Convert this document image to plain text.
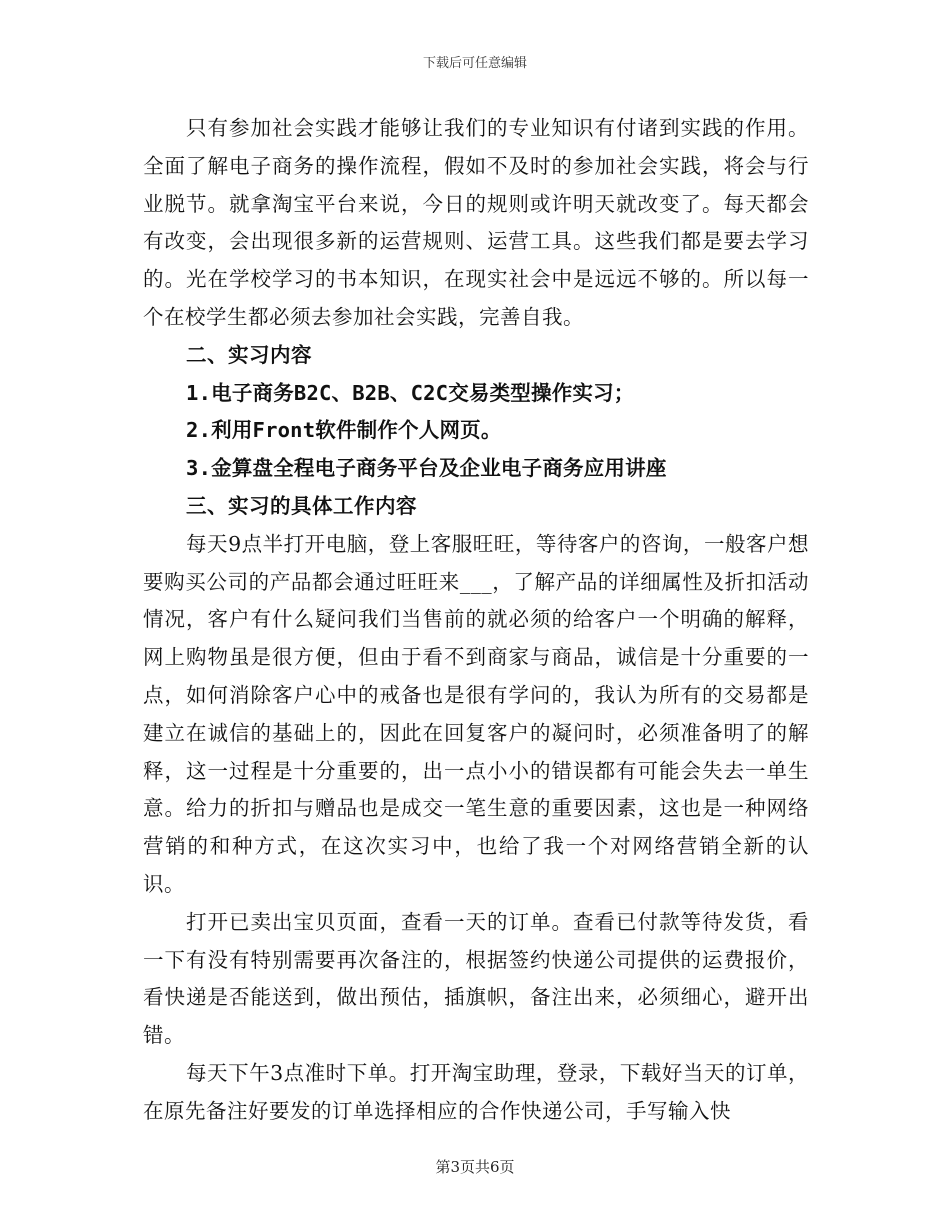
下载后可任意编辑

只有参加社会实践才能够让我们的专业知识有付诸到实践的作用。全面了解电子商务的操作流程，假如不及时的参加社会实践，将会与行业脱节。就拿淘宝平台来说，今日的规则或许明天就改变了。每天都会有改变，会出现很多新的运营规则、运营工具。这些我们都是要去学习的。光在学校学习的书本知识，在现实社会中是远远不够的。所以每一个在校学生都必须去参加社会实践，完善自我。

二、实习内容

1.电子商务B2C、B2B、C2C交易类型操作实习；

2.利用Front软件制作个人网页。

3.金算盘全程电子商务平台及企业电子商务应用讲座

三、实习的具体工作内容

每天9点半打开电脑，登上客服旺旺，等待客户的咨询，一般客户想要购买公司的产品都会通过旺旺来___，了解产品的详细属性及折扣活动情况，客户有什么疑问我们当售前的就必须的给客户一个明确的解释，网上购物虽是很方便，但由于看不到商家与商品，诚信是十分重要的一点，如何消除客户心中的戒备也是很有学问的，我认为所有的交易都是建立在诚信的基础上的，因此在回复客户的凝问时，必须准备明了的解释，这一过程是十分重要的，出一点小小的错误都有可能会失去一单生意。给力的折扣与赠品也是成交一笔生意的重要因素，这也是一种网络营销的和种方式，在这次实习中，也给了我一个对网络营销全新的认识。

打开已卖出宝贝页面，查看一天的订单。查看已付款等待发货，看一下有没有特别需要再次备注的，根据签约快递公司提供的运费报价，看快递是否能送到，做出预估，插旗帜，备注出来，必须细心，避开出错。

每天下午3点准时下单。打开淘宝助理，登录，下载好当天的订单，在原先备注好要发的订单选择相应的合作快递公司，手写输入快

第3页共6页
